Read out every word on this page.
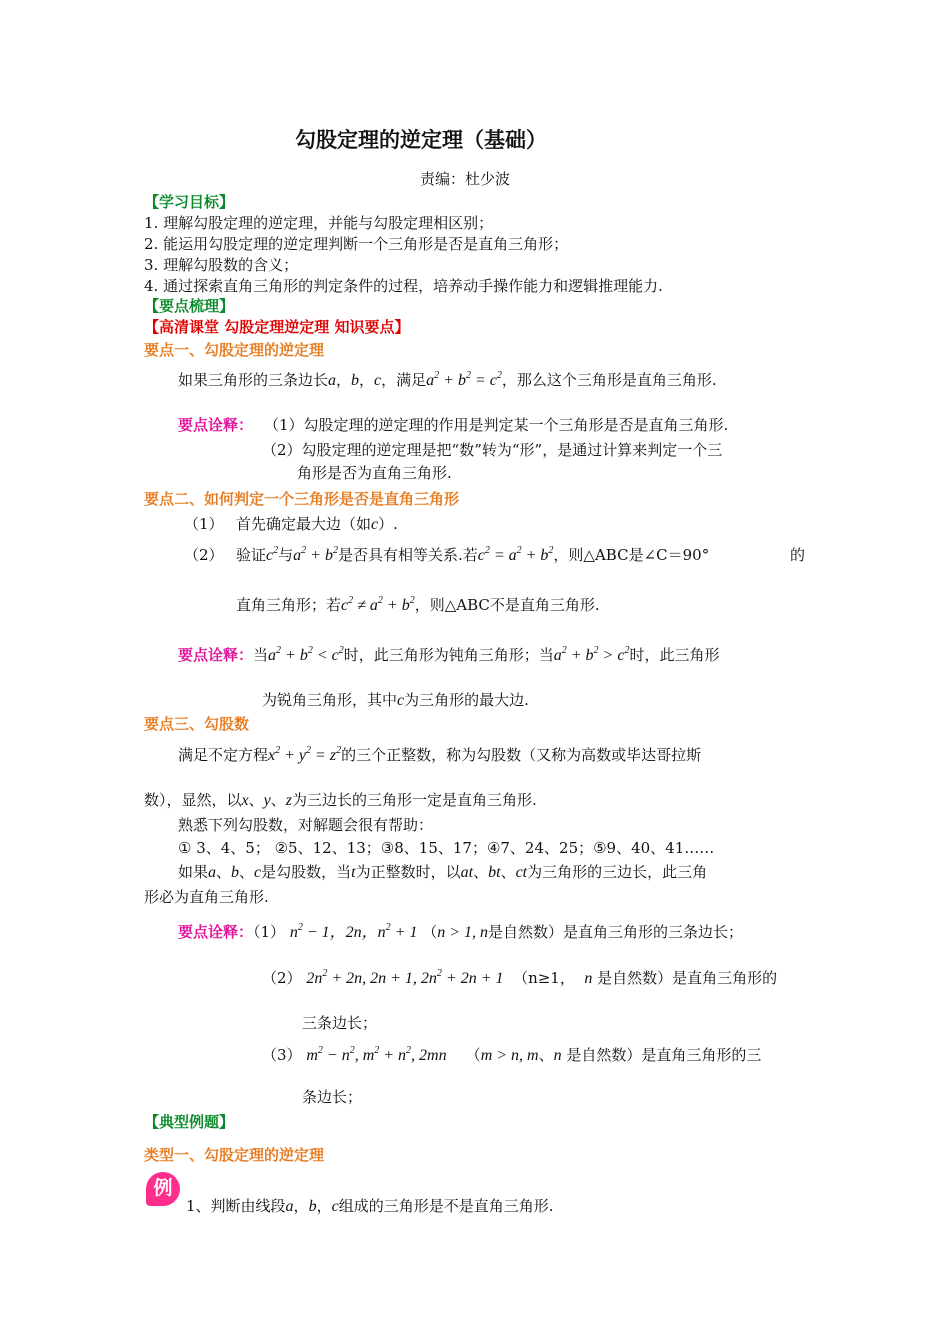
勾股定理的逆定理（基础）
责编：杜少波
【学习目标】
1. 理解勾股定理的逆定理，并能与勾股定理相区别；
2. 能运用勾股定理的逆定理判断一个三角形是否是直角三角形；
3. 理解勾股数的含义；
4. 通过探索直角三角形的判定条件的过程，培养动手操作能力和逻辑推理能力.
【要点梳理】
【高清课堂 勾股定理逆定理 知识要点】
要点一、勾股定理的逆定理
如果三角形的三条边长a，b，c，满足$a^2 + b^2 = c^2$，那么这个三角形是直角三角形.
要点诠释： （1）勾股定理的逆定理的作用是判定某一个三角形是否是直角三角形.
（2）勾股定理的逆定理是把“数”转为“形”，是通过计算来判定一个三
角形是否为直角三角形.
要点二、如何判定一个三角形是否是直角三角形
（1） 首先确定最大边（如c）.
（2） 验证$c^2$与$a^2 + b^2$是否具有相等关系.若$c^2 = a^2 + b^2$，则△ABC是∠C＝90°	的
直角三角形；若$c^2 \ne a^2 + b^2$，则△ABC不是直角三角形.
要点诠释：当$a^2 + b^2 < c^2$时，此三角形为钝角三角形；当$a^2 + b^2 > c^2$时，此三角形
为锐角三角形，其中c为三角形的最大边.
要点三、勾股数
满足不定方程$x^2 + y^2 = z^2$的三个正整数，称为勾股数（又称为高数或毕达哥拉斯
数），显然，以x、y、z为三边长的三角形一定是直角三角形.
熟悉下列勾股数，对解题会很有帮助：
① 3、4、5； ②5、12、13；③8、15、17；④7、24、25；⑤9、40、41……
如果a、b、c是勾股数，当t为正整数时，以at、bt、ct为三角形的三边长，此三角
形必为直角三角形.
要点诠释：（1） $n^2 - 1$，2n，$n^2 + 1$ （n > 1, n是自然数）是直角三角形的三条边长；
（2） $2n^2 + 2n$, 2n + 1, $2n^2 + 2n + 1$ （n≥1， n 是自然数）是直角三角形的
三条边长；
（3） $m^2 - n^2$, $m^2 + n^2$, 2mn    （m > n, m、n 是自然数）是直角三角形的三
条边长；
【典型例题】
类型一、勾股定理的逆定理
例
1、判断由线段a，b，c组成的三角形是不是直角三角形.
